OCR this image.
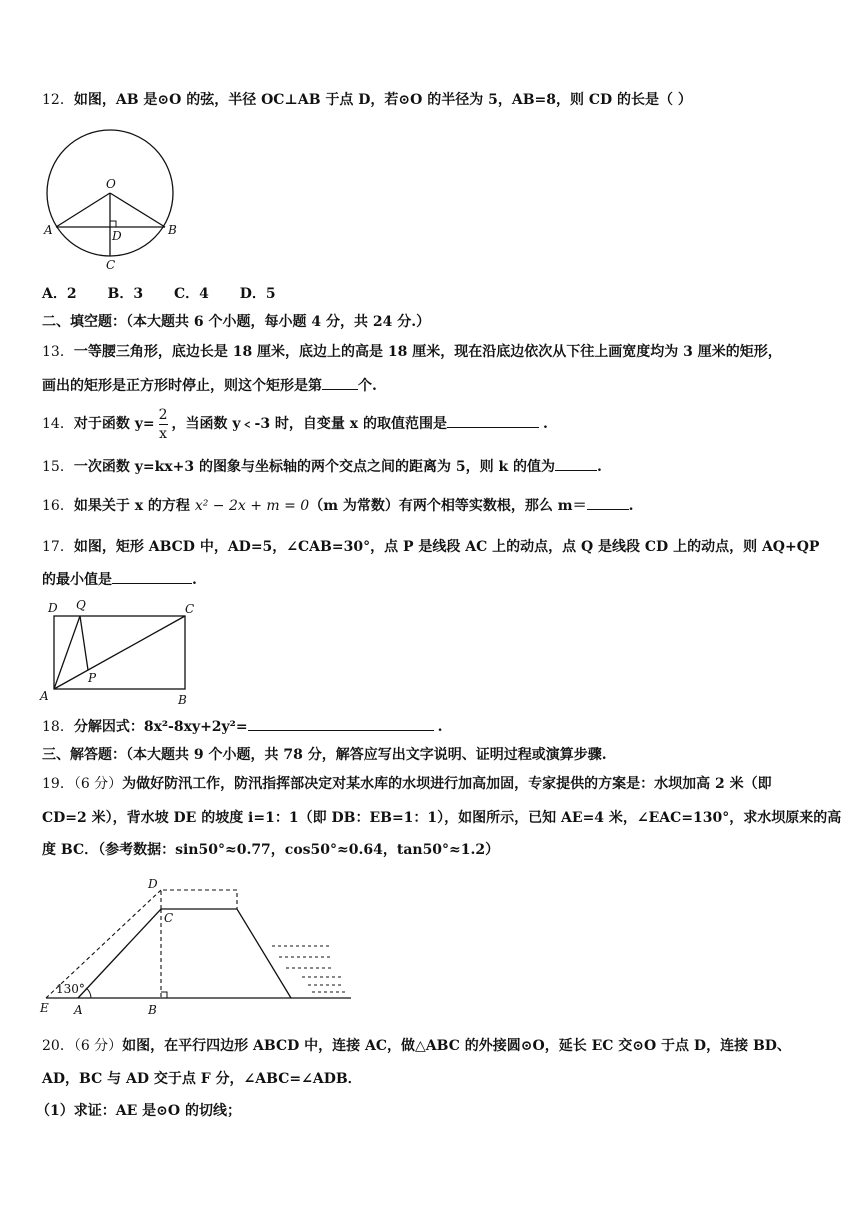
12．如图，AB 是⊙O 的弦，半径 OC⊥AB 于点 D，若⊙O 的半径为 5，AB=8，则 CD 的长是（ ）
O
A	B
D
C
A．2 B．3 C．4 D．5
二、填空题：（本大题共 6 个小题，每小题 4 分，共 24 分.）
13．一等腰三角形，底边长是 18 厘米，底边上的高是 18 厘米，现在沿底边依次从下往上画宽度均为 3 厘米的矩形，
画出的矩形是正方形时停止，则这个矩形是第	个.
14．对于函数 $y= \frac{2}{x}$ ，当函数 y﹤-3 时，自变量 x 的取值范围是	.
15．一次函数 y=kx+3 的图象与坐标轴的两个交点之间的距离为 5，则 k 的值为	.
16．如果关于 x 的方程 x² − 2x + m = 0（m 为常数）有两个相等实数根，那么 m＝	.
17．如图，矩形 ABCD 中，AD=5，∠CAB=30°，点 P 是线段 AC 上的动点，点 Q 是线段 CD 上的动点，则 AQ+QP
的最小值是	.
D Q	C
A
P
B
18．分解因式：8x²-8xy+2y²=	.
三、解答题：（本大题共 9 个小题，共 78 分，解答应写出文字说明、证明过程或演算步骤.
19．（6 分）为做好防汛工作，防汛指挥部决定对某水库的水坝进行加高加固，专家提供的方案是：水坝加高 2 米（即
CD=2 米），背水坡 DE 的坡度 i=1：1（即 DB：EB=1：1），如图所示，已知 AE=4 米，∠EAC=130°，求水坝原来的高
度 BC．（参考数据：sin50°≈0.77，cos50°≈0.64，tan50°≈1.2）
D
C
E A	B
130°
20．（6 分）如图，在平行四边形 ABCD 中，连接 AC，做△ABC 的外接圆⊙O，延长 EC 交⊙O 于点 D，连接 BD、
AD，BC 与 AD 交于点 F 分，∠ABC=∠ADB．
（1）求证：AE 是⊙O 的切线；
